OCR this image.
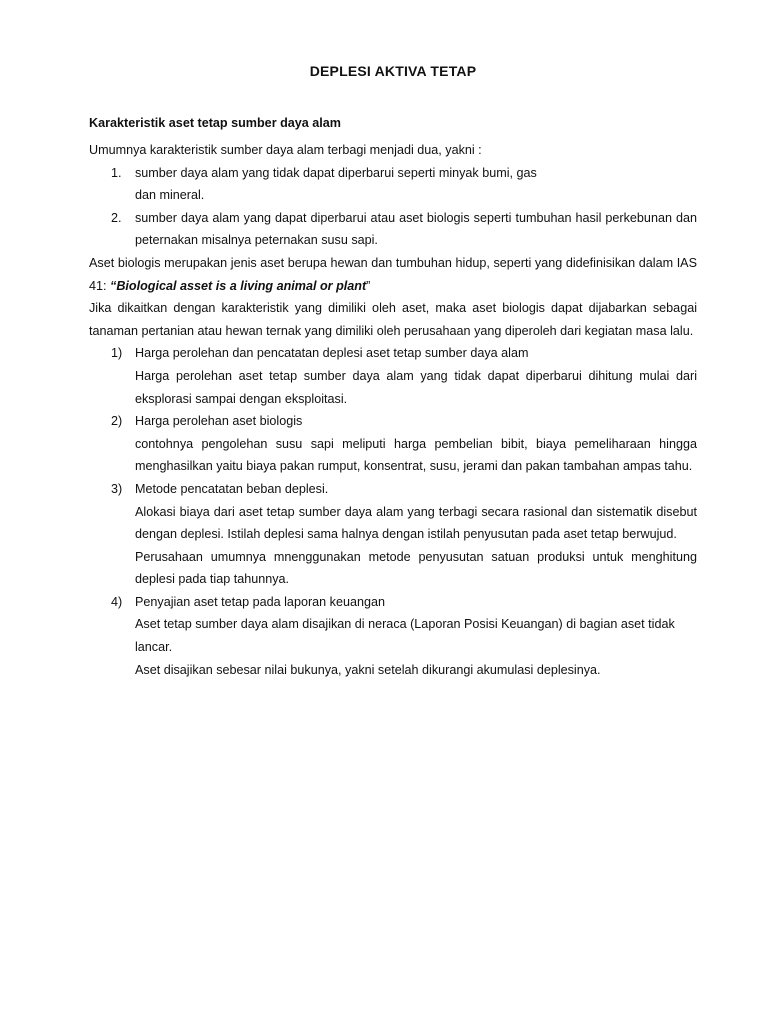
DEPLESI AKTIVA TETAP
Karakteristik aset tetap sumber daya alam

Umumnya karakteristik sumber daya alam terbagi menjadi dua, yakni :

1.	sumber daya alam yang tidak dapat diperbarui seperti minyak bumi, gas
dan mineral.
2.	sumber daya alam yang dapat diperbarui atau aset biologis seperti tumbuhan hasil perkebunan dan peternakan misalnya peternakan susu sapi.

Aset biologis merupakan jenis aset berupa hewan dan tumbuhan hidup, seperti yang didefinisikan dalam IAS 41: “Biological asset is a living animal or plant”

Jika dikaitkan dengan karakteristik yang dimiliki oleh aset, maka aset biologis dapat dijabarkan sebagai tanaman pertanian atau hewan ternak yang dimiliki oleh perusahaan yang diperoleh dari kegiatan masa lalu.

1)	Harga perolehan dan pencatatan deplesi aset tetap sumber daya alam

Harga perolehan aset tetap sumber daya alam yang tidak dapat diperbarui dihitung mulai dari eksplorasi sampai dengan eksploitasi.

2)	Harga perolehan aset biologis

contohnya pengolehan susu sapi meliputi harga pembelian bibit, biaya pemeliharaan hingga menghasilkan yaitu biaya pakan rumput, konsentrat, susu, jerami dan pakan tambahan ampas tahu.

3)	Metode pencatatan beban deplesi.

Alokasi biaya dari aset tetap sumber daya alam yang terbagi secara rasional dan sistematik disebut dengan deplesi. Istilah deplesi sama halnya dengan istilah penyusutan pada aset tetap berwujud.

Perusahaan umumnya mnenggunakan metode penyusutan satuan produksi untuk menghitung deplesi pada tiap tahunnya.

4)	Penyajian aset tetap pada laporan keuangan

Aset tetap sumber daya alam disajikan di neraca (Laporan Posisi Keuangan) di bagian aset tidak lancar.

Aset disajikan sebesar nilai bukunya, yakni setelah dikurangi akumulasi deplesinya.
